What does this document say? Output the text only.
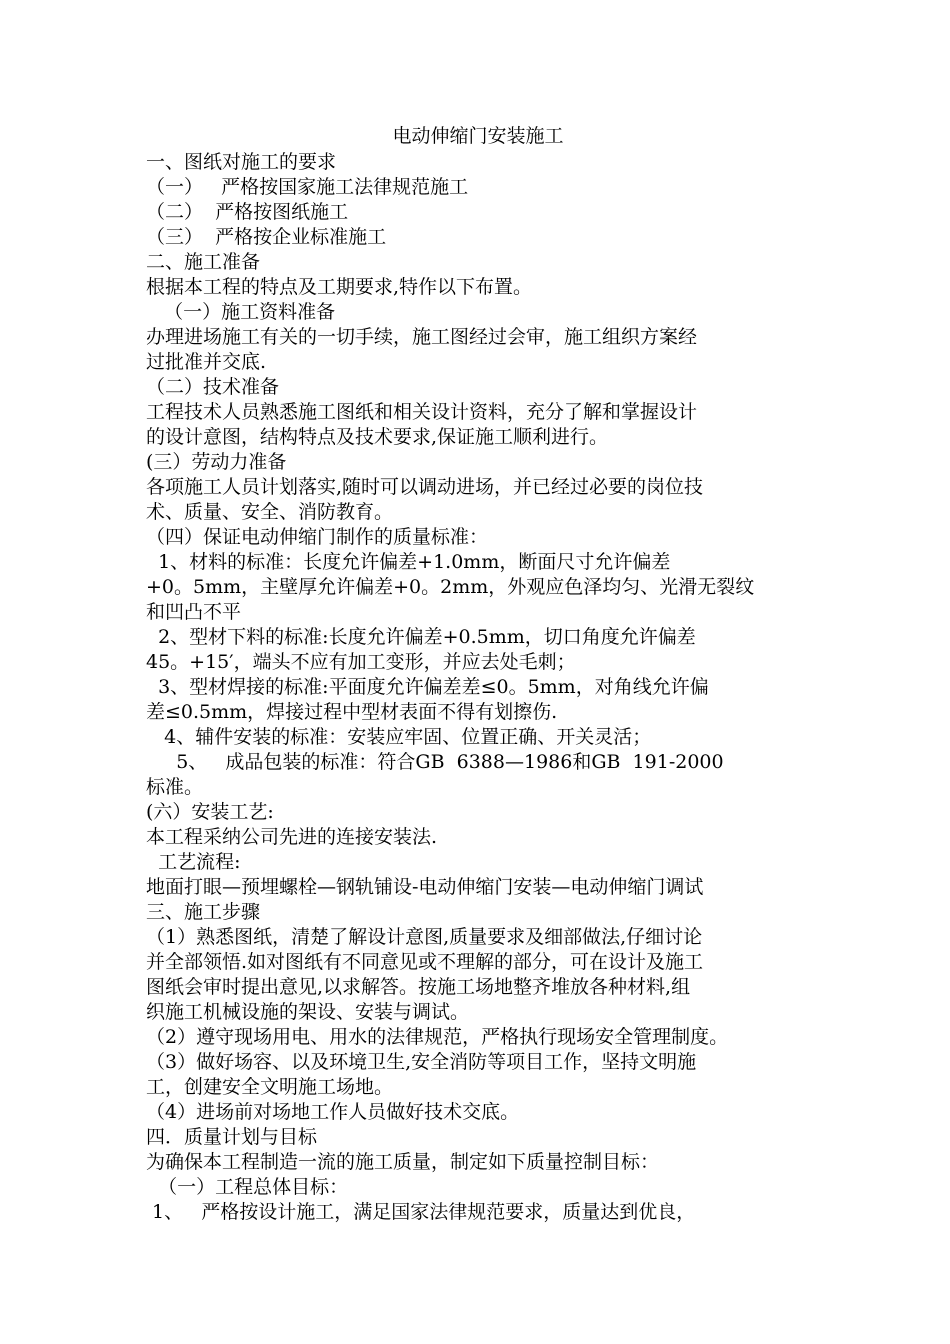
电动伸缩门安装施工
一、图纸对施工的要求
（一）   严格按国家施工法律规范施工
（二）  严格按图纸施工
（三）  严格按企业标准施工
二、施工准备
根据本工程的特点及工期要求,特作以下布置。
（一）施工资料准备
办理进场施工有关的一切手续，施工图经过会审，施工组织方案经
过批准并交底.
（二）技术准备
工程技术人员熟悉施工图纸和相关设计资料，充分了解和掌握设计
的设计意图，结构特点及技术要求,保证施工顺利进行。
(三）劳动力准备
各项施工人员计划落实,随时可以调动进场，并已经过必要的岗位技
术、质量、安全、消防教育。
（四）保证电动伸缩门制作的质量标准：
1、材料的标准：长度允许偏差+1.0mm，断面尺寸允许偏差
+0。5mm，主壁厚允许偏差+0。2mm，外观应色泽均匀、光滑无裂纹
和凹凸不平
2、型材下料的标准:长度允许偏差+0.5mm，切口角度允许偏差
45。+15′，端头不应有加工变形，并应去处毛刺；
3、型材焊接的标准:平面度允许偏差差≤0。5mm，对角线允许偏
差≤0.5mm，焊接过程中型材表面不得有划擦伤.
4、辅件安装的标准：安装应牢固、位置正确、开关灵活；
5、   成品包装的标准：符合GB  6388—1986和GB  191-2000
标准。
(六）安装工艺:
本工程采纳公司先进的连接安装法.
工艺流程:
地面打眼—预埋螺栓—钢轨铺设-电动伸缩门安装—电动伸缩门调试
三、施工步骤
（1）熟悉图纸，清楚了解设计意图,质量要求及细部做法,仔细讨论
并全部领悟.如对图纸有不同意见或不理解的部分，可在设计及施工
图纸会审时提出意见,以求解答。按施工场地整齐堆放各种材料,组
织施工机械设施的架设、安装与调试。
（2）遵守现场用电、用水的法律规范，严格执行现场安全管理制度。
（3）做好场容、以及环境卫生,安全消防等项目工作，坚持文明施
工，创建安全文明施工场地。
（4）进场前对场地工作人员做好技术交底。
四．质量计划与目标
为确保本工程制造一流的施工质量，制定如下质量控制目标：
（一）工程总体目标：
1、   严格按设计施工，满足国家法律规范要求，质量达到优良，
